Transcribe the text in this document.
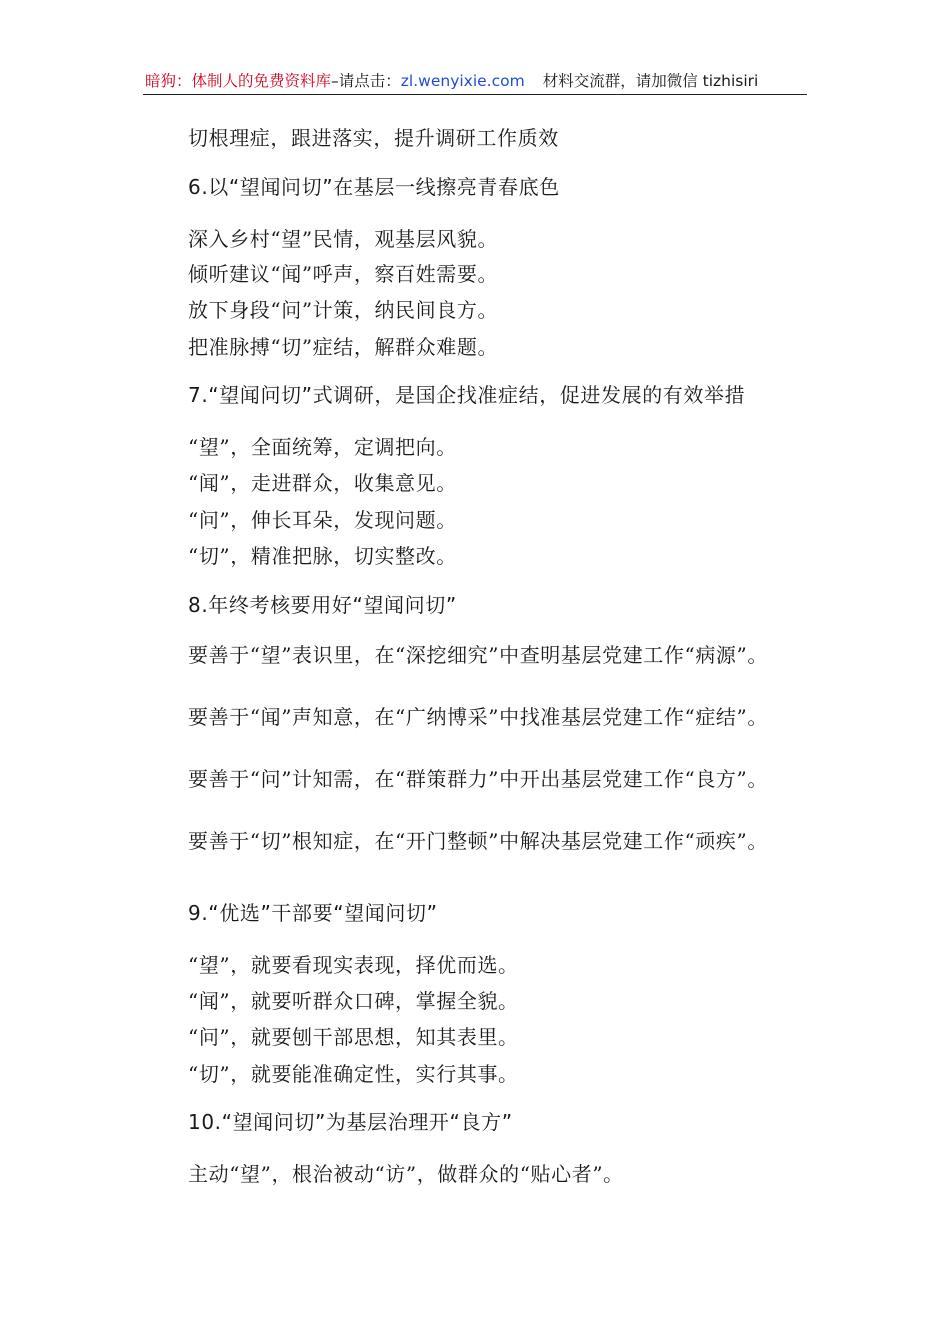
暗狗：体制人的免费资料库–请点击：zl.wenyixie.com 材料交流群，请加微信 tizhisiri
切根理症，跟进落实，提升调研工作质效
6.以“望闻问切”在基层一线擦亮青春底色
深入乡村“望”民情，观基层风貌。
倾听建议“闻”呼声，察百姓需要。
放下身段“问”计策，纳民间良方。
把准脉搏“切”症结，解群众难题。
7.“望闻问切”式调研，是国企找准症结，促进发展的有效举措
“望”，全面统筹，定调把向。
“闻”，走进群众，收集意见。
“问”，伸长耳朵，发现问题。
“切”，精准把脉，切实整改。
8.年终考核要用好“望闻问切”
要善于“望”表识里，在“深挖细究”中查明基层党建工作“病源”。
要善于“闻”声知意，在“广纳博采”中找准基层党建工作“症结”。
要善于“问”计知需，在“群策群力”中开出基层党建工作“良方”。
要善于“切”根知症，在“开门整顿”中解决基层党建工作“顽疾”。
9.“优选”干部要“望闻问切”
“望”，就要看现实表现，择优而选。
“闻”，就要听群众口碑，掌握全貌。
“问”，就要刨干部思想，知其表里。
“切”，就要能准确定性，实行其事。
10.“望闻问切”为基层治理开“良方”
主动“望”，根治被动“访”，做群众的“贴心者”。
